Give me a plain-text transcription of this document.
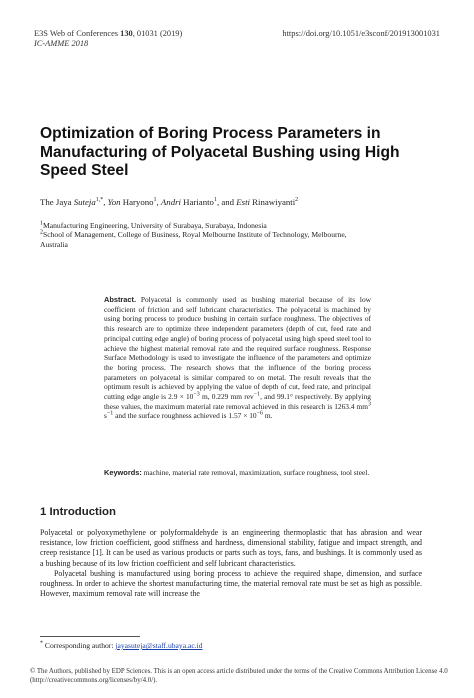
E3S Web of Conferences 130, 01031 (2019)
IC-AMME 2018
https://doi.org/10.1051/e3sconf/201913001031
Optimization of Boring Process Parameters in Manufacturing of Polyacetal Bushing using High Speed Steel
The Jaya Suteja$^{1,*}$, Yon Haryono$^1$, Andri Harianto$^1$, and Esti Rinawiyanti$^2$
$^1$Manufacturing Engineering, University of Surabaya, Surabaya, Indonesia
$^2$School of Management, College of Business, Royal Melbourne Institute of Technology, Melbourne,
Australia
Abstract. Polyacetal is commonly used as bushing material because of its low coefficient of friction and self lubricant characteristics. The polyacetal is machined by using boring process to produce bushing in certain surface roughness. The objectives of this research are to optimize three independent parameters (depth of cut, feed rate and principal cutting edge angle) of boring process of polyacetal using high speed steel tool to achieve the highest material removal rate and the required surface roughness. Response Surface Methodology is used to investigate the influence of the parameters and optimize the boring process. The research shows that the influence of the boring process parameters on polyacetal is similar compared to on metal. The result reveals that the optimum result is achieved by applying the value of depth of cut, feed rate, and principal cutting edge angle is $2.9 \times 10^{-3}$ m, 0.229 mm rev$^{-1}$, and 99.1° respectively. By applying these values, the maximum material rate removal achieved in this research is 1263.4 $mm^3$ $s^{-1}$ and the surface roughness achieved is $1.57 \times 10^{-6}$ m.
Keywords: machine, material rate removal, maximization, surface roughness, tool steel.
1 Introduction

Polyacetal or polyoxymethylene or polyformaldehyde is an engineering thermoplastic that has abrasion and wear resistance, low friction coefficient, good stiffness and hardness, dimensional stability, fatigue and impact strength, and creep resistance [1]. It can be used as various products or parts such as toys, fans, and bushings. It is commonly used as a bushing because of its low friction coefficient and self lubricant characteristics.

Polyacetal bushing is manufactured using boring process to achieve the required shape, dimension, and surface roughness. In order to achieve the shortest manufacturing time, the material removal rate must be set as high as possible. However, maximum removal rate will increase the

* Corresponding author: jayasuteja@staff.ubaya.ac.id
© The Authors, published by EDP Sciences. This is an open access article distributed under the terms of the Creative Commons Attribution License 4.0 (http://creativecommons.org/licenses/by/4.0/).
